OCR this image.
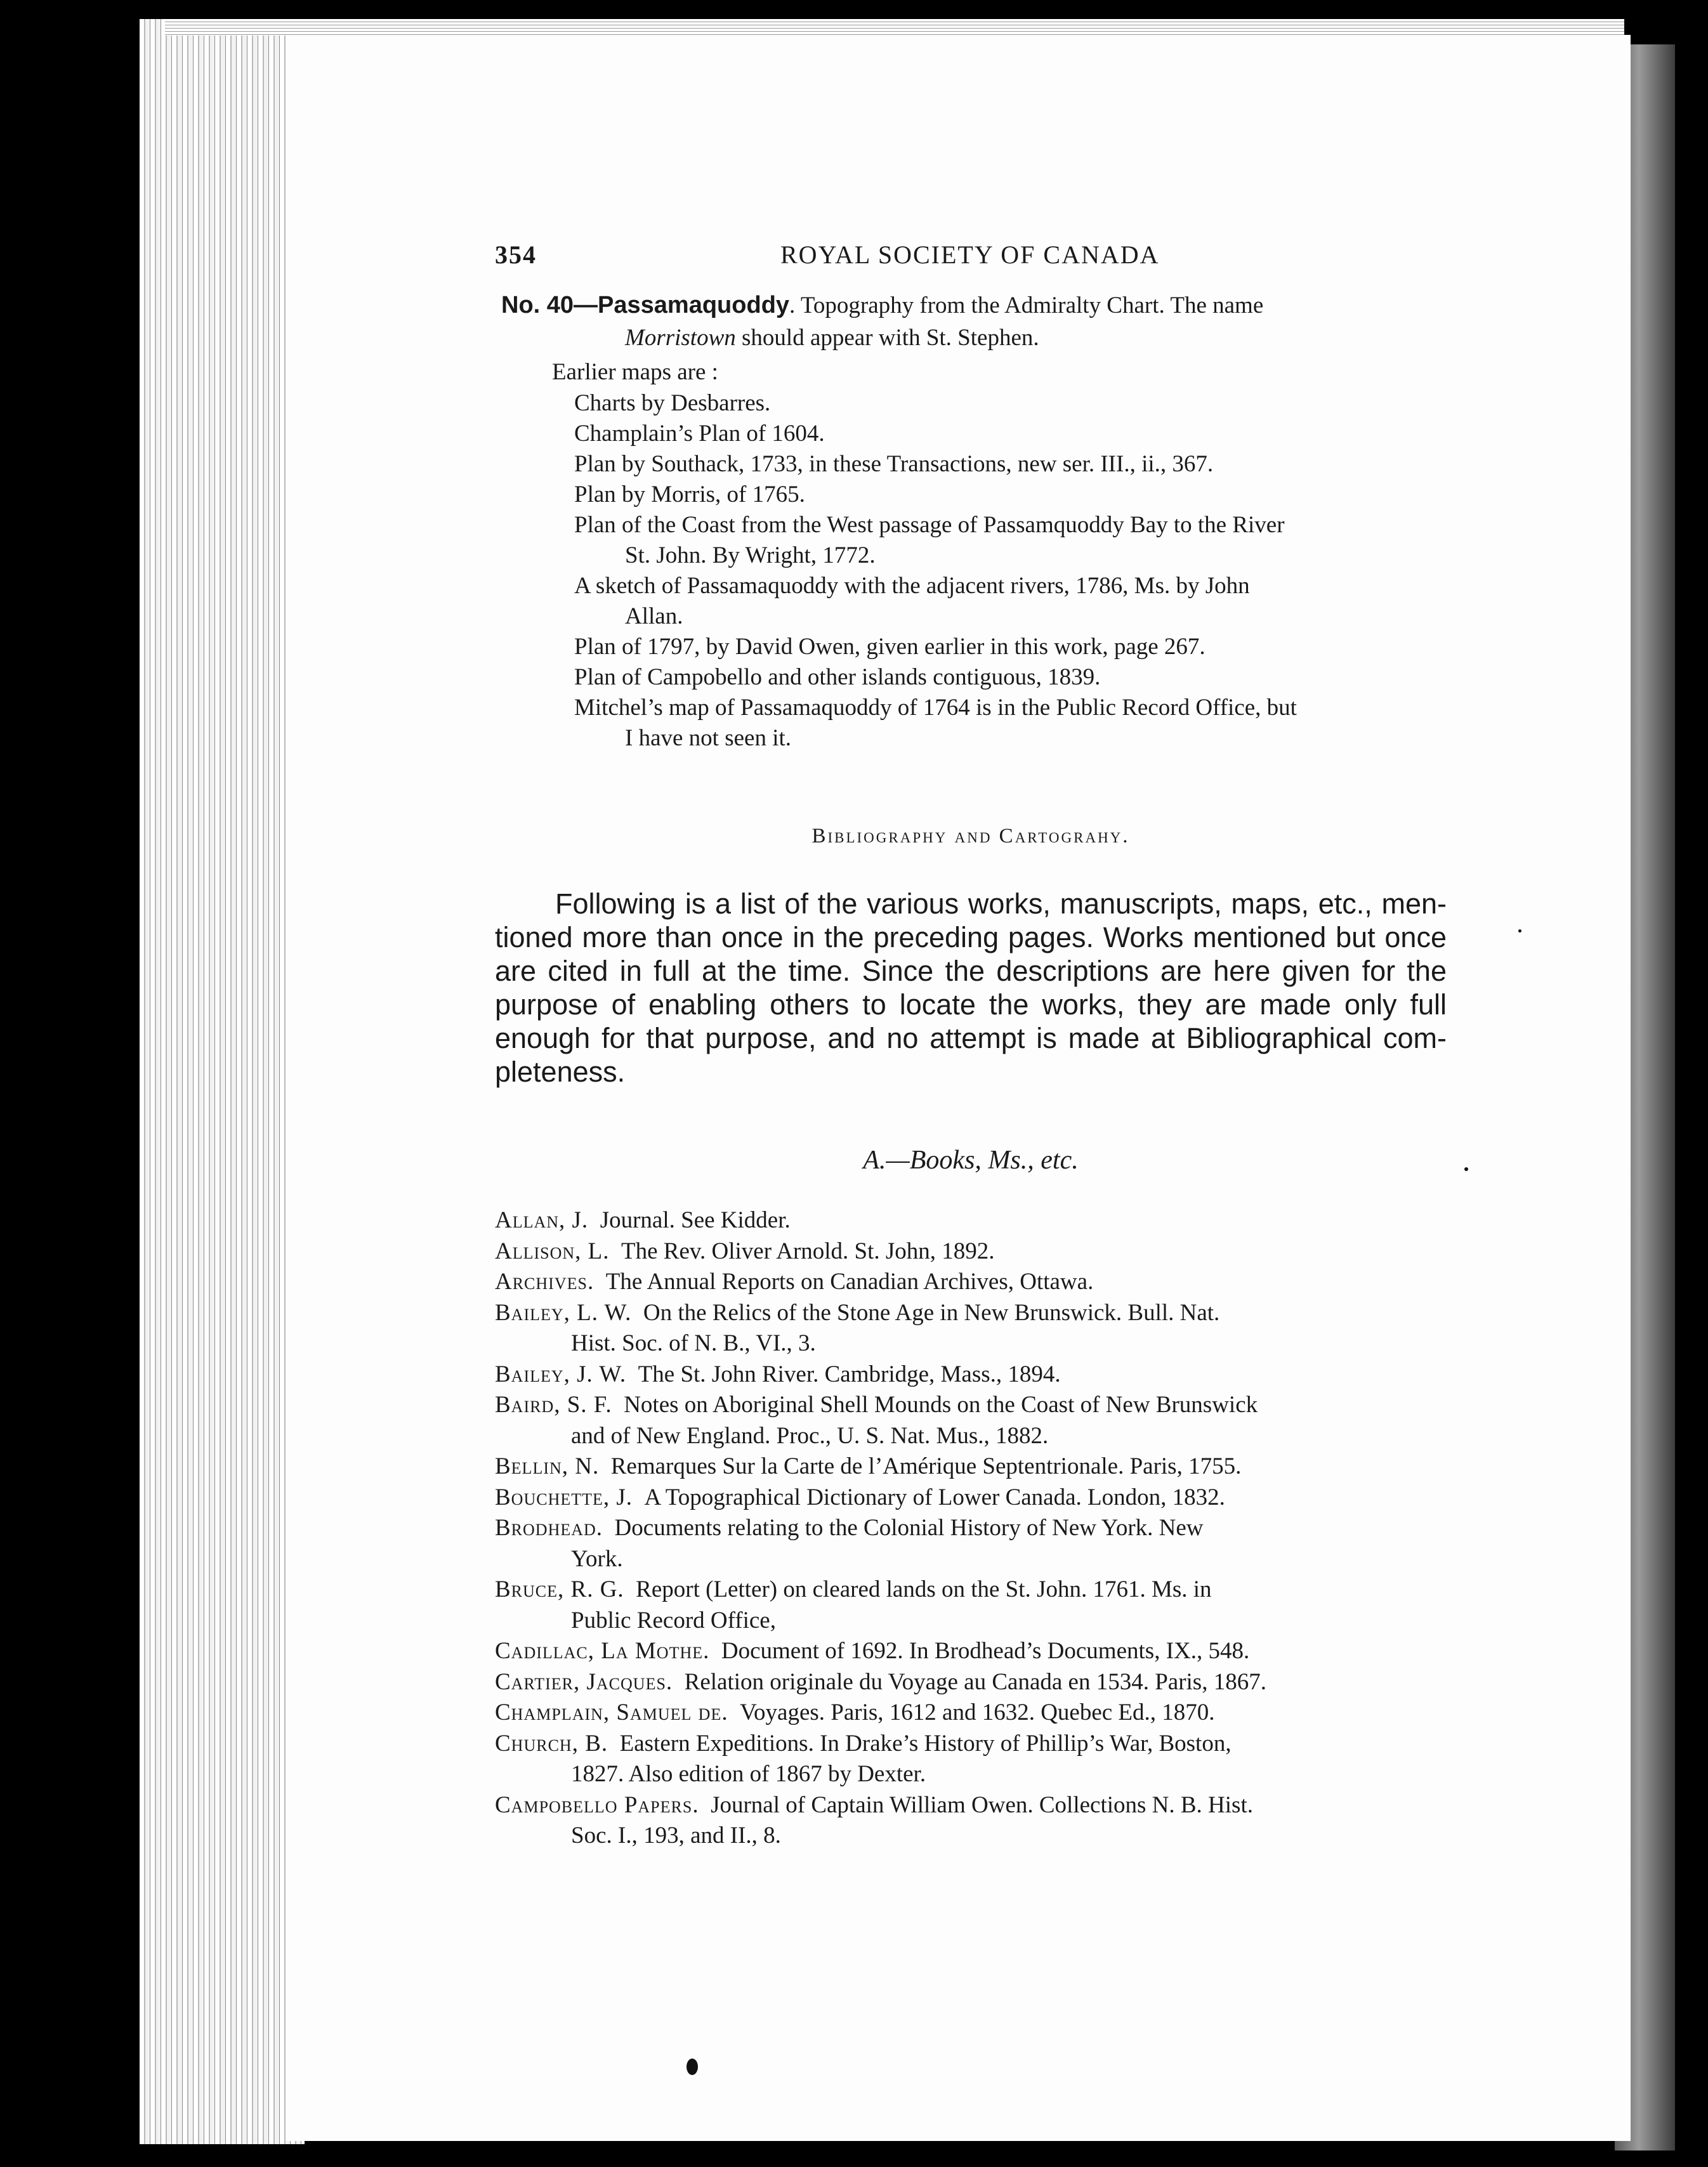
354	ROYAL SOCIETY OF CANADA
No. 40—Passamaquoddy. Topography from the Admiralty Chart. The name
Morristown should appear with St. Stephen.
Earlier maps are :
Charts by Desbarres.
Champlain’s Plan of 1604.
Plan by Southack, 1733, in these Transactions, new ser. III., ii., 367.
Plan by Morris, of 1765.
Plan of the Coast from the West passage of Passamquoddy Bay to the River
St. John. By Wright, 1772.
A sketch of Passamaquoddy with the adjacent rivers, 1786, Ms. by John
Allan.
Plan of 1797, by David Owen, given earlier in this work, page 267.
Plan of Campobello and other islands contiguous, 1839.
Mitchel’s map of Passamaquoddy of 1764 is in the Public Record Office, but
I have not seen it.
Bibliography and Cartograhy.
Following is a list of the various works, manuscripts, maps, etc., men-
tioned more than once in the preceding pages. Works mentioned but once
are cited in full at the time. Since the descriptions are here given for the
purpose of enabling others to locate the works, they are made only full
enough for that purpose, and no attempt is made at Bibliographical com-
pleteness.
A.—Books, Ms., etc.
Allan, J. Journal. See Kidder.
Allison, L. The Rev. Oliver Arnold. St. John, 1892.
Archives. The Annual Reports on Canadian Archives, Ottawa.
Bailey, L. W. On the Relics of the Stone Age in New Brunswick. Bull. Nat.
Hist. Soc. of N. B., VI., 3.
Bailey, J. W. The St. John River. Cambridge, Mass., 1894.
Baird, S. F. Notes on Aboriginal Shell Mounds on the Coast of New Brunswick
and of New England. Proc., U. S. Nat. Mus., 1882.
Bellin, N. Remarques Sur la Carte de l’Amérique Septentrionale. Paris, 1755.
Bouchette, J. A Topographical Dictionary of Lower Canada. London, 1832.
Brodhead. Documents relating to the Colonial History of New York. New
York.
Bruce, R. G. Report (Letter) on cleared lands on the St. John. 1761. Ms. in
Public Record Office,
Cadillac, La Mothe. Document of 1692. In Brodhead’s Documents, IX., 548.
Cartier, Jacques. Relation originale du Voyage au Canada en 1534. Paris, 1867.
Champlain, Samuel de. Voyages. Paris, 1612 and 1632. Quebec Ed., 1870.
Church, B. Eastern Expeditions. In Drake’s History of Phillip’s War, Boston,
1827. Also edition of 1867 by Dexter.
Campobello Papers. Journal of Captain William Owen. Collections N. B. Hist.
Soc. I., 193, and II., 8.
